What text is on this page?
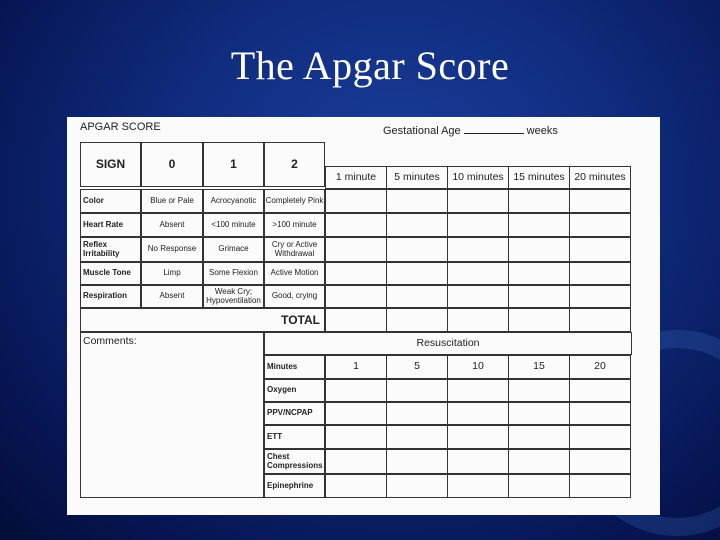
The Apgar Score
APGAR SCORE	Gestational Age	weeks
SIGN	0	1	2
1 minute	5 minutes	10 minutes 15 minutes 20 minutes
Color	Blue or Pale	Acrocyanotic	Completely Pink
Heart Rate	Absent	<100 minute	>100 minute
Reflex Irritability	No Response	Grimace	Cry or Active Withdrawal
Muscle Tone	Limp	Some Flexion	Active Motion
Respiration	Absent	Weak Cry; Hypoventilation	Good, crying
TOTAL
Comments:	Resuscitation
Minutes	1	5	10	15	20
Oxygen
PPV/NCPAP
ETT
Chest Compressions
Epinephrine
